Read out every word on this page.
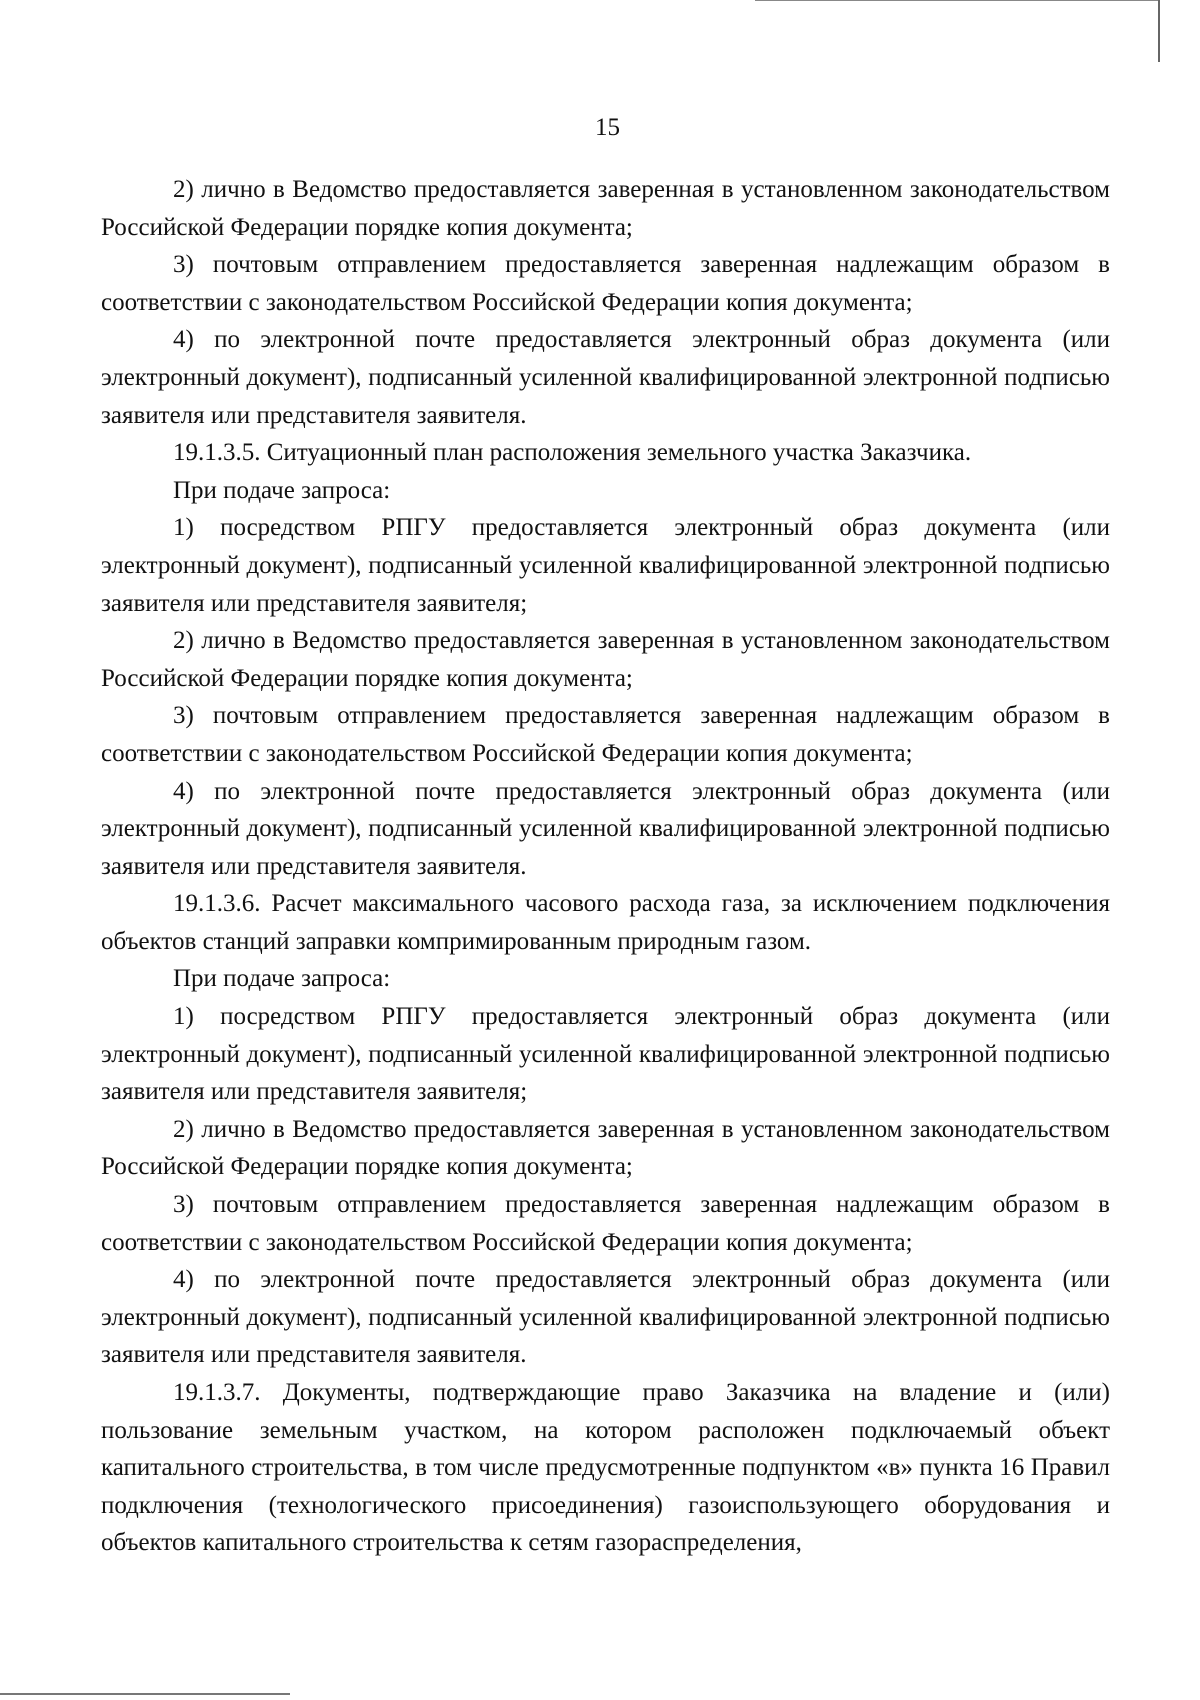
15

2) лично в Ведомство предоставляется заверенная в установленном законодательством Российской Федерации порядке копия документа;

3) почтовым отправлением предоставляется заверенная надлежащим образом в соответствии с законодательством Российской Федерации копия документа;

4) по электронной почте предоставляется электронный образ документа (или электронный документ), подписанный усиленной квалифицированной электронной подписью заявителя или представителя заявителя.

19.1.3.5. Ситуационный план расположения земельного участка Заказчика.

При подаче запроса:

1) посредством РПГУ предоставляется электронный образ документа (или электронный документ), подписанный усиленной квалифицированной электронной подписью заявителя или представителя заявителя;

2) лично в Ведомство предоставляется заверенная в установленном законодательством Российской Федерации порядке копия документа;

3) почтовым отправлением предоставляется заверенная надлежащим образом в соответствии с законодательством Российской Федерации копия документа;

4) по электронной почте предоставляется электронный образ документа (или электронный документ), подписанный усиленной квалифицированной электронной подписью заявителя или представителя заявителя.

19.1.3.6. Расчет максимального часового расхода газа, за исключением подключения объектов станций заправки компримированным природным газом.

При подаче запроса:

1) посредством РПГУ предоставляется электронный образ документа (или электронный документ), подписанный усиленной квалифицированной электронной подписью заявителя или представителя заявителя;

2) лично в Ведомство предоставляется заверенная в установленном законодательством Российской Федерации порядке копия документа;

3) почтовым отправлением предоставляется заверенная надлежащим образом в соответствии с законодательством Российской Федерации копия документа;

4) по электронной почте предоставляется электронный образ документа (или электронный документ), подписанный усиленной квалифицированной электронной подписью заявителя или представителя заявителя.

19.1.3.7. Документы, подтверждающие право Заказчика на владение и (или) пользование земельным участком, на котором расположен подключаемый объект капитального строительства, в том числе предусмотренные подпунктом «в» пункта 16 Правил подключения (технологического присоединения) газоиспользующего оборудования и объектов капитального строительства к сетям газораспределения,
